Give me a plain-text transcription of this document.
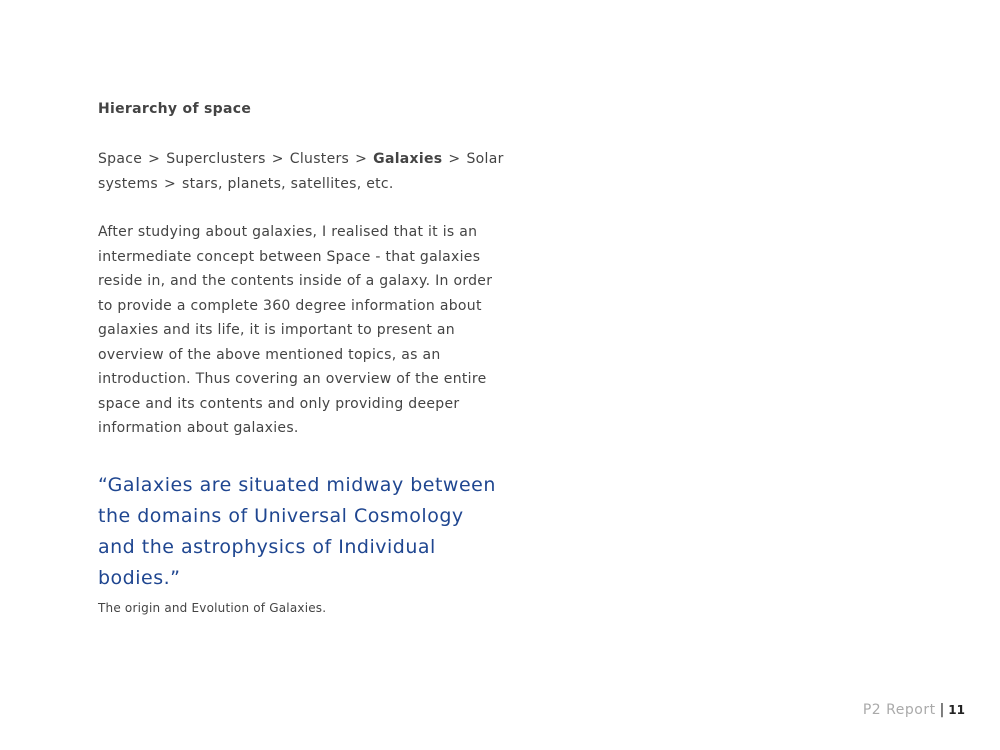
Hierarchy of space
Space > Superclusters > Clusters > Galaxies > Solar systems > stars, planets, satellites, etc.
After studying about galaxies, I realised that it is an intermediate concept between Space - that galaxies reside in, and the contents inside of a galaxy. In order to provide a complete 360 degree information about galaxies and its life, it is important to present an overview of the above mentioned topics, as an introduction. Thus covering an overview of the entire space and its contents and only providing deeper information about galaxies.
“Galaxies are situated midway between the domains of Universal Cosmology and the astrophysics of Individual bodies.”
The origin and Evolution of Galaxies.
P2 Report | 11
